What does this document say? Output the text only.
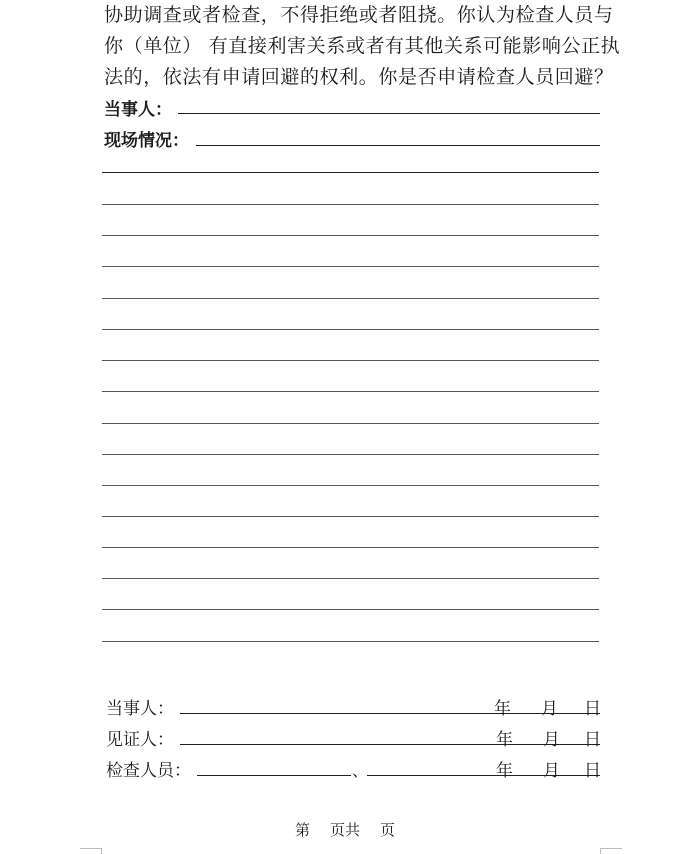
协助调查或者检查，不得拒绝或者阻挠。你认为检查人员与
你（单位） 有直接利害关系或者有其他关系可能影响公正执
法的，依法有申请回避的权利。你是否申请检查人员回避？
当事人：
现场情况：
当事人：	年 月 日
见证人：	年 月 日
检查人员：	、	年 月 日
第 页共 页
